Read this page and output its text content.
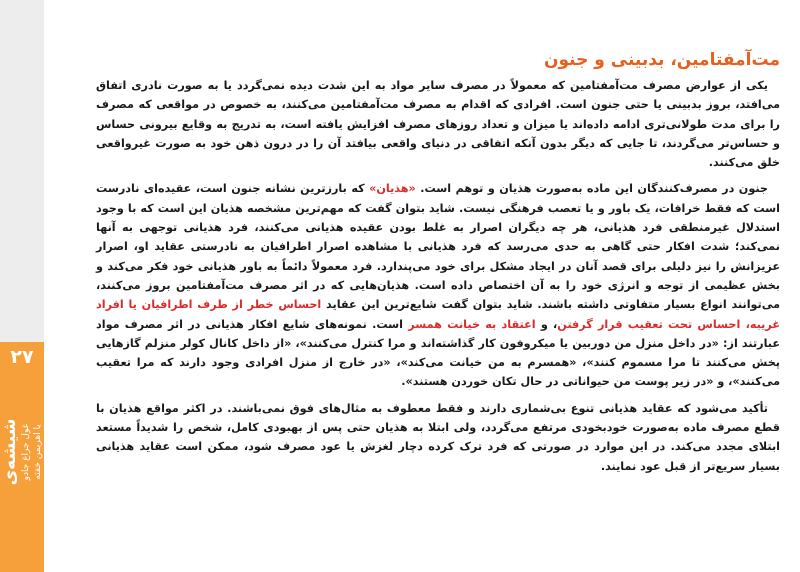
۲۷
شیشه‌ی غول جراغ جادو یا اهریمن خفته
مت‌آمفتامین، بدبینی و جنون

یکی از عوارض مصرف مت‌آمفتامین که معمولاً در مصرف سایر مواد به این شدت دیده نمی‌گردد یا به صورت نادری اتفاق می‌افتد، بروز بدبینی یا حتی جنون است. افرادی که اقدام به مصرف مت‌آمفتامین می‌کنند، به خصوص در مواقعی که مصرف را برای مدت طولانی‌تری ادامه داده‌اند یا میزان و تعداد روزهای مصرف افزایش یافته است، به تدریج به وقایع بیرونی حساس و حساس‌تر می‌گردند، تا جایی که دیگر بدون آنکه اتفاقی در دنیای واقعی بیافتد آن را در درون ذهن خود به صورت غیرواقعی خلق می‌کنند.

جنون در مصرف‌کنندگان این ماده به‌صورت هذیان و توهم است. «هذیان» که بارزترین نشانه جنون است، عقیده‌ای نادرست است که فقط خرافات، یک باور و یا تعصب فرهنگی نیست. شاید بتوان گفت که مهم‌ترین مشخصه هذیان این است که با وجود استدلال غیرمنطقی فرد هذیانی، هر چه دیگران اصرار به غلط بودن عقیده هذیانی می‌کنند، فرد هذیانی توجهی به آنها نمی‌کند؛ شدت افکار حتی گاهی به حدی می‌رسد که فرد هذیانی با مشاهده اصرار اطرافیان به نادرستی عقاید او، اصرار عزیزانش را نیز دلیلی برای قصد آنان در ایجاد مشکل برای خود می‌پندارد. فرد معمولاً دائماً به باور هذیانی خود فکر می‌کند و بخش عظیمی از توجه و انرژی خود را به آن اختصاص داده است. هذیان‌هایی که در اثر مصرف مت‌آمفتامین بروز می‌کنند، می‌توانند انواع بسیار متفاوتی داشته باشند. شاید بتوان گفت شایع‌ترین این عقاید احساس خطر از طرف اطرافیان یا افراد غریبه، احساس تحت تعقیب قرار گرفتن، و اعتقاد به خیانت همسر است. نمونه‌های شایع افکار هذیانی در اثر مصرف مواد عبارتند از: «در داخل منزل من دوربین یا میکروفون کار گذاشته‌اند و مرا کنترل می‌کنند»، «از داخل کانال کولر منزلم گازهایی پخش می‌کنند تا مرا مسموم کنند»، «همسرم به من خیانت می‌کند»، «در خارج از منزل افرادی وجود دارند که مرا تعقیب می‌کنند»، و «در زیر پوست من حیواناتی در حال تکان خوردن هستند».

تأکید می‌شود که عقاید هذیانی تنوع بی‌شماری دارند و فقط معطوف به مثال‌های فوق نمی‌باشند. در اکثر مواقع هذیان با قطع مصرف ماده به‌صورت خودبخودی مرتفع می‌گردد، ولی ابتلا به هذیان حتی پس از بهبودی کامل، شخص را شدیداً مستعد ابتلای مجدد می‌کند. در این موارد در صورتی که فرد ترک کرده دچار لغزش یا عود مصرف شود، ممکن است عقاید هذیانی بسیار سریع‌تر از قبل عود نمایند.
